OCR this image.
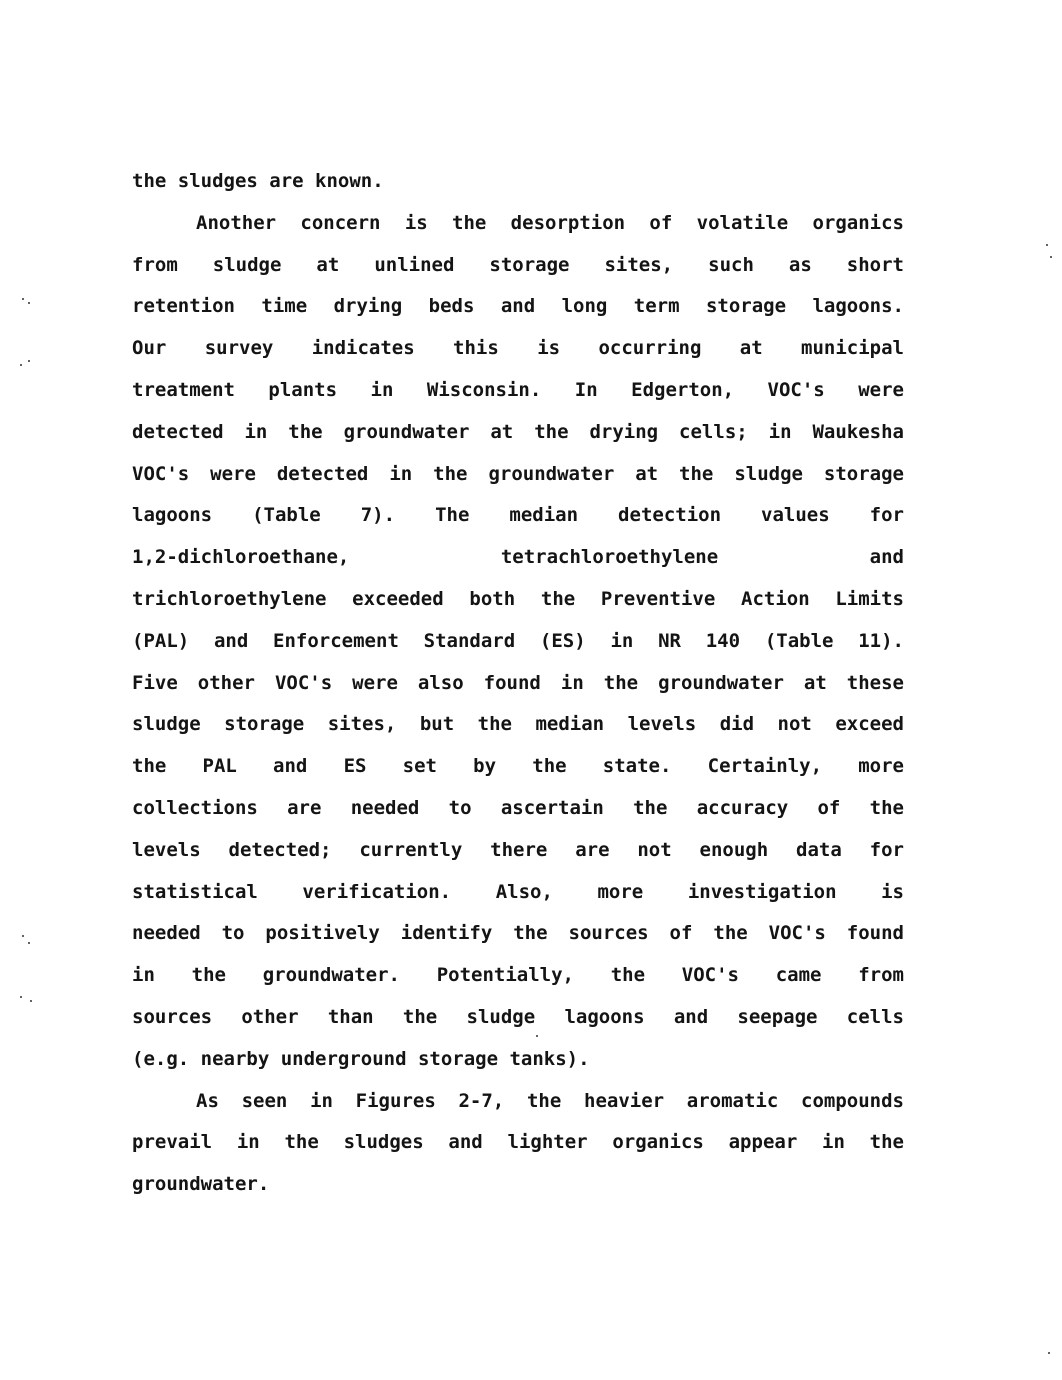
the sludges are known.
Another concern is the desorption of volatile organics
from sludge at unlined storage sites, such as short
retention time drying beds and long term storage lagoons.
Our survey indicates this is occurring at municipal
treatment plants in Wisconsin. In Edgerton, VOC's were
detected in the groundwater at the drying cells; in Waukesha
VOC's were detected in the groundwater at the sludge storage
lagoons (Table 7). The median detection values for
1,2-dichloroethane, tetrachloroethylene and
trichloroethylene exceeded both the Preventive Action Limits
(PAL) and Enforcement Standard (ES) in NR 140 (Table 11).
Five other VOC's were also found in the groundwater at these
sludge storage sites, but the median levels did not exceed
the PAL and ES set by the state. Certainly, more
collections are needed to ascertain the accuracy of the
levels detected; currently there are not enough data for
statistical verification. Also, more investigation is
needed to positively identify the sources of the VOC's found
in the groundwater. Potentially, the VOC's came from
sources other than the sludge lagoons and seepage cells
(e.g. nearby underground storage tanks).
As seen in Figures 2-7, the heavier aromatic compounds
prevail in the sludges and lighter organics appear in the
groundwater.
